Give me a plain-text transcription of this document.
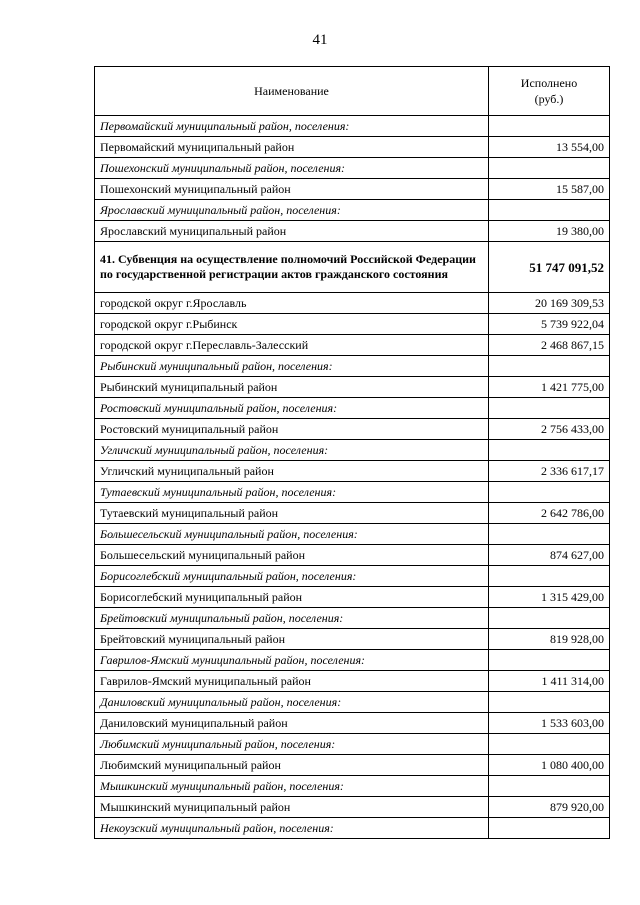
41
Наименование	Исполнено
(руб.)
Первомайский муниципальный район, поселения:	
Первомайский муниципальный район	13 554,00
Пошехонский муниципальный район, поселения:	
Пошехонский муниципальный район	15 587,00
Ярославский муниципальный район, поселения:	
Ярославский муниципальный район	19 380,00
41. Субвенция на осуществление полномочий Российской Федерации по государственной регистрации актов гражданского состояния	51 747 091,52
городской округ г.Ярославль	20 169 309,53
городской округ г.Рыбинск	5 739 922,04
городской округ г.Переславль-Залесский	2 468 867,15
Рыбинский муниципальный район, поселения:	
Рыбинский муниципальный район	1 421 775,00
Ростовский муниципальный район, поселения:	
Ростовский муниципальный район	2 756 433,00
Угличский муниципальный район, поселения:	
Угличский муниципальный район	2 336 617,17
Тутаевский муниципальный район, поселения:	
Тутаевский муниципальный район	2 642 786,00
Большесельский муниципальный район, поселения:	
Большесельский муниципальный район	874 627,00
Борисоглебский муниципальный район, поселения:	
Борисоглебский муниципальный район	1 315 429,00
Брейтовский муниципальный район, поселения:	
Брейтовский муниципальный район	819 928,00
Гаврилов-Ямский муниципальный район, поселения:	
Гаврилов-Ямский муниципальный район	1 411 314,00
Даниловский муниципальный район, поселения:	
Даниловский муниципальный район	1 533 603,00
Любимский муниципальный район, поселения:	
Любимский муниципальный район	1 080 400,00
Мышкинский муниципальный район, поселения:	
Мышкинский муниципальный район	879 920,00
Некоузский муниципальный район, поселения:	
